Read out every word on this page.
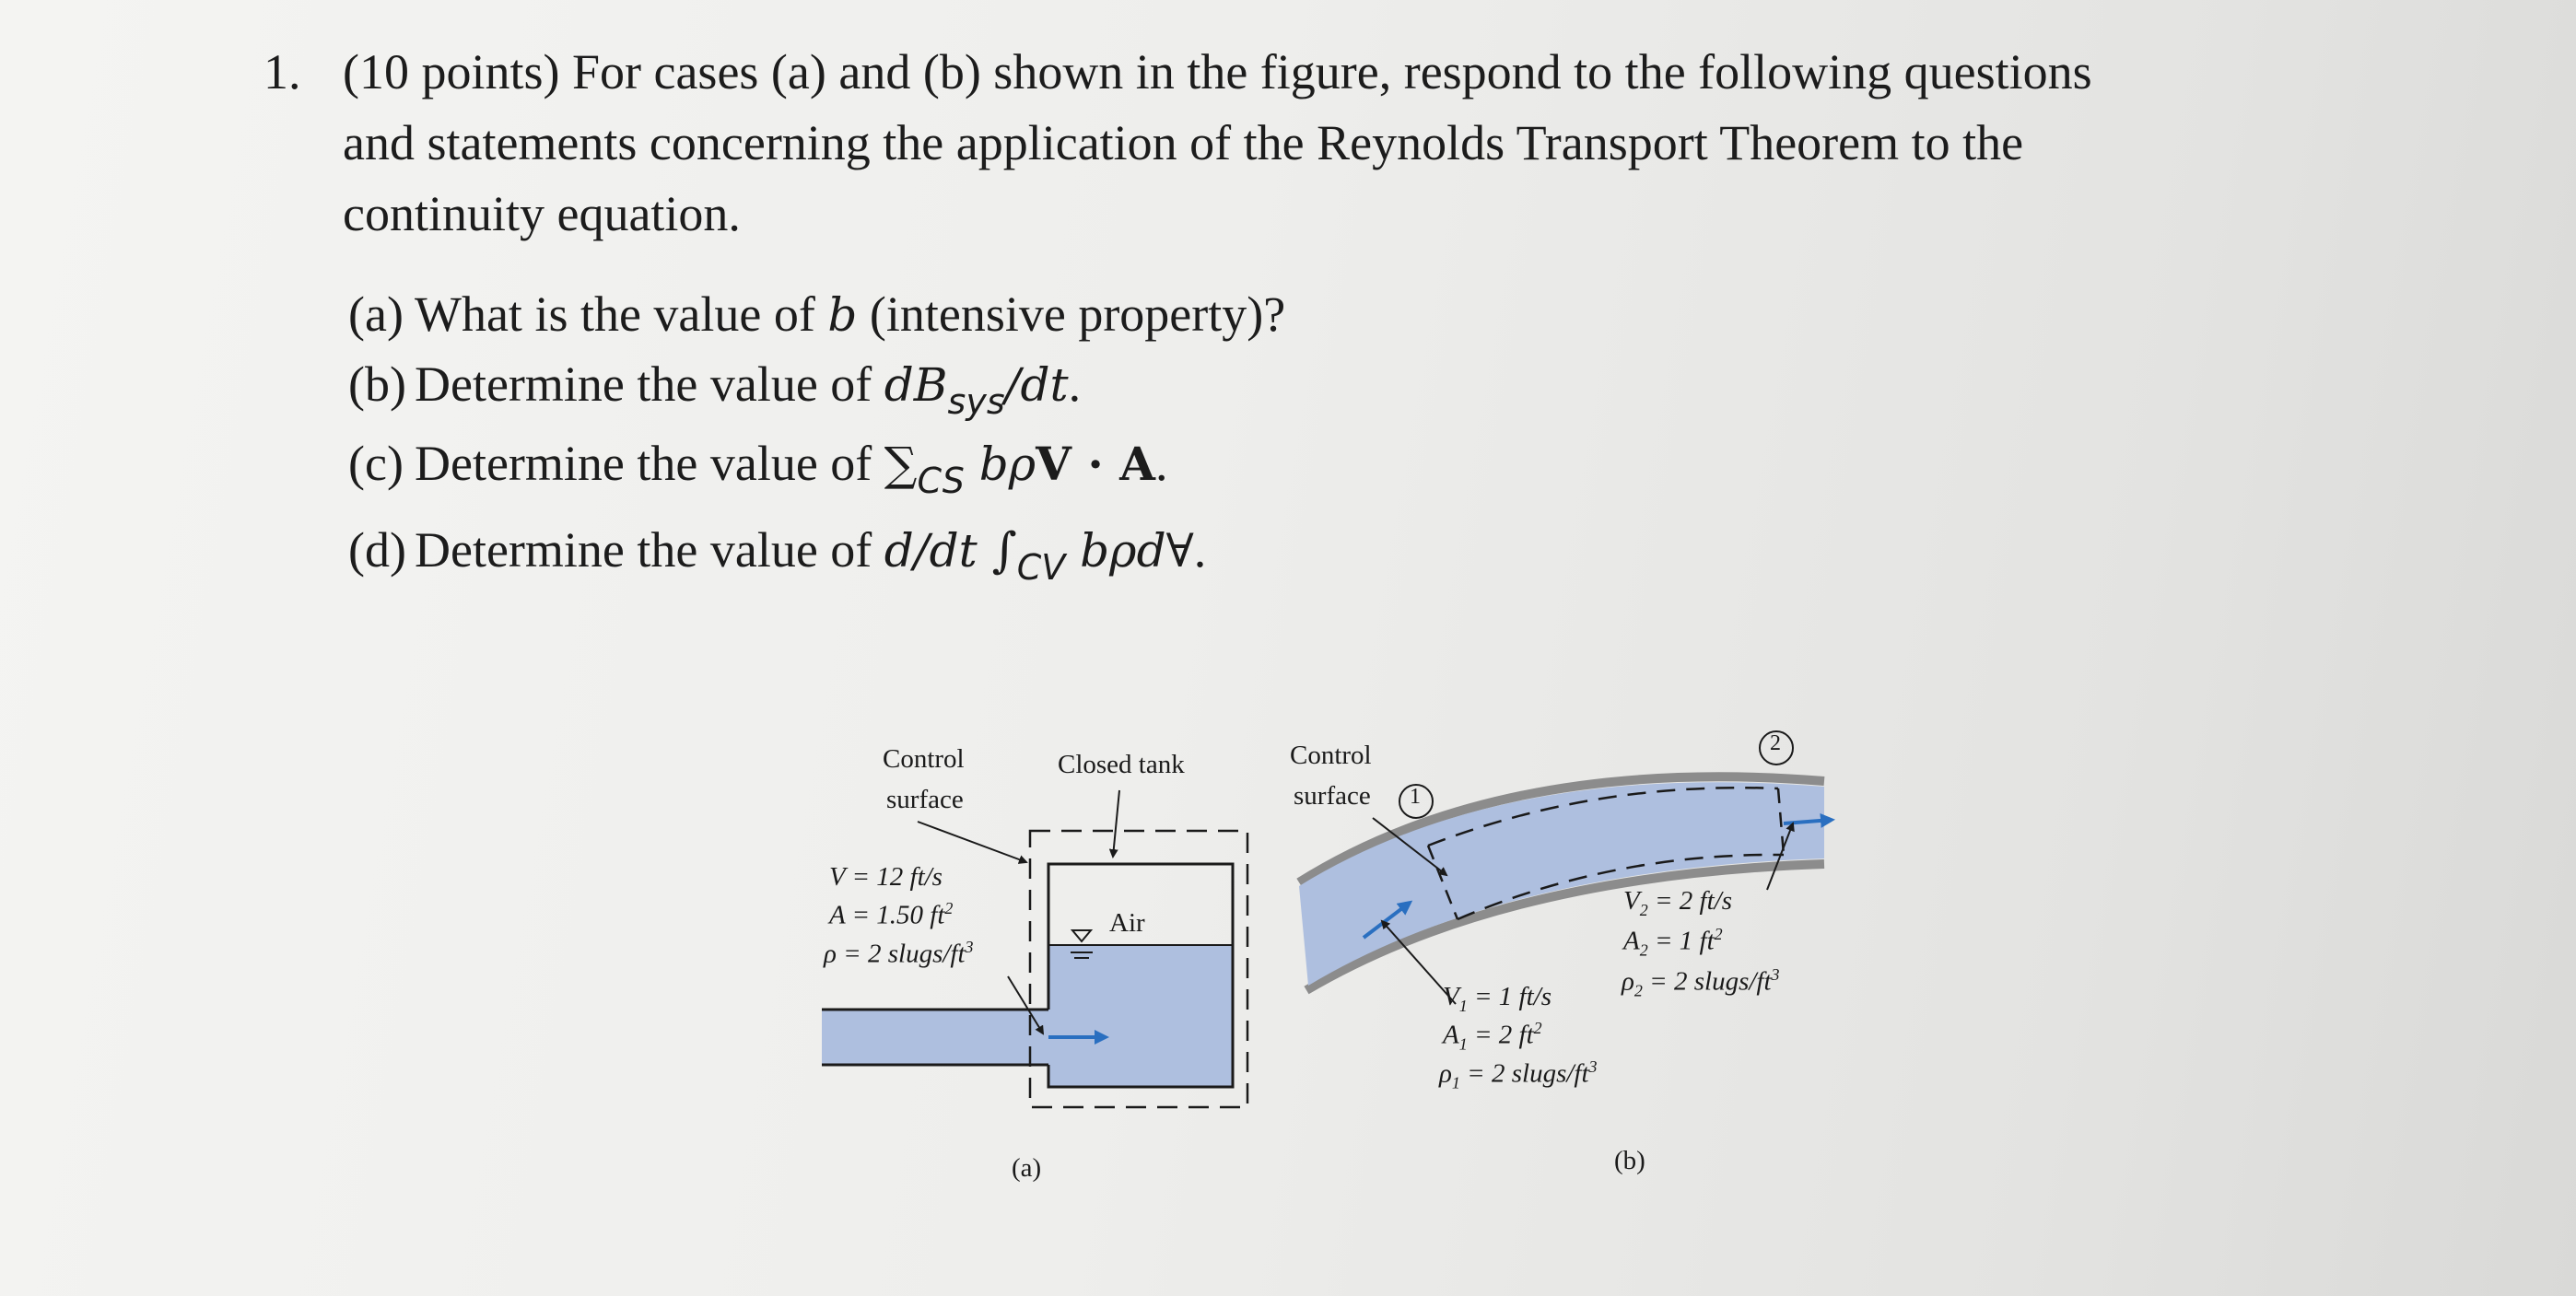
1. (10 points) For cases (a) and (b) shown in the figure, respond to the following questions
and statements concerning the application of the Reynolds Transport Theorem to the
continuity equation.
(a) What is the value of b (intensive property)?
(b) Determine the value of $dB_{sys}/dt$.
(c) Determine the value of $\sum_{CS}$ bρV · A.
(d) Determine the value of d/dt $\int_{CV}$ bρd∀.
Control
surface
Closed tank
Air
V = 12 ft/s
A = 1.50 $ft^2$
ρ = 2 slugs/$ft^3$
(a)
Control
surface 1
2
$V_1 = 1$ ft/s
$A_1 = 2$ $ft^2$
$\rho_1 = 2$ slugs/$ft^3$
$V_2 = 2$ ft/s
$A_2 = 1$ $ft^2$
$\rho_2 = 2$ slugs/$ft^3$
(b)
